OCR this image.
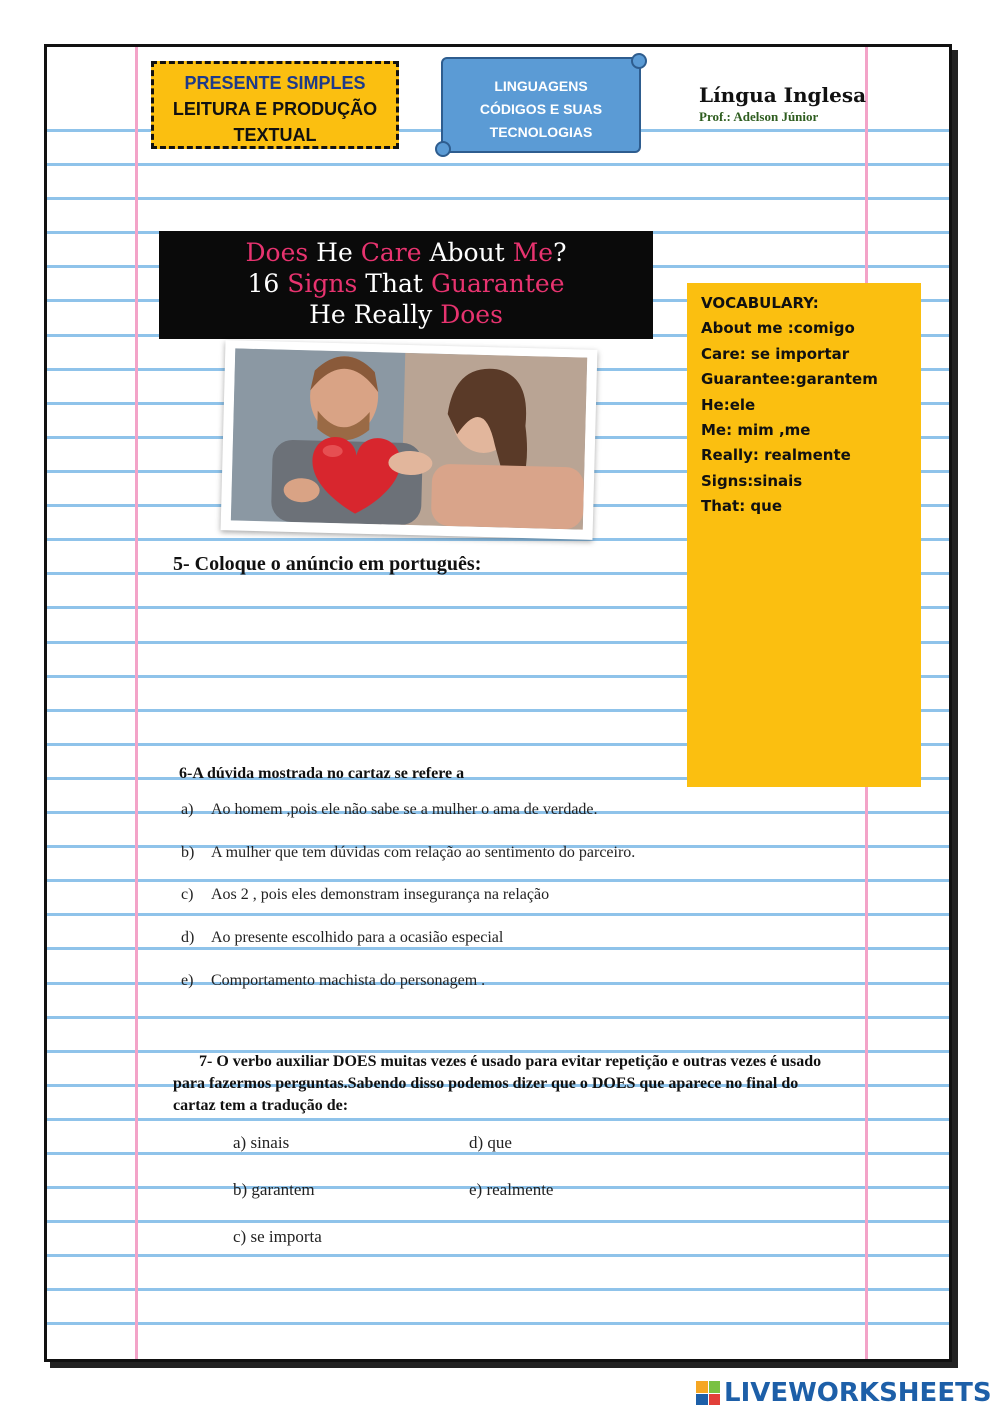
PRESENTE SIMPLES
LEITURA E PRODUÇÃO
TEXTUAL
LINGUAGENS
CÓDIGOS E SUAS
TECNOLOGIAS
Língua Inglesa
Prof.: Adelson Júnior
Does He Care About Me?
16 Signs That Guarantee
He Really Does	VOCABULARY:
About me :comigo
Care: se importar
Guarantee:garantem
He:ele
Me: mim ,me
Really: realmente
Signs:sinais
That: que
5- Coloque o anúncio em português:
6-A dúvida mostrada no cartaz se refere a
a) Ao homem ,pois ele não sabe se a mulher o ama de verdade.
b) A mulher que tem dúvidas com relação ao sentimento do parceiro.
c) Aos 2 , pois eles demonstram insegurança na relação
d) Ao presente escolhido para a ocasião especial
e) Comportamento machista do personagem .
7- O verbo auxiliar DOES muitas vezes é usado para evitar repetição e outras vezes é usado para fazermos perguntas.Sabendo disso podemos dizer que o DOES que aparece no final do cartaz tem a tradução de:
a) sinais
b) garantem
c) se importa
d) que
e) realmente
LIVEWORKSHEETS
